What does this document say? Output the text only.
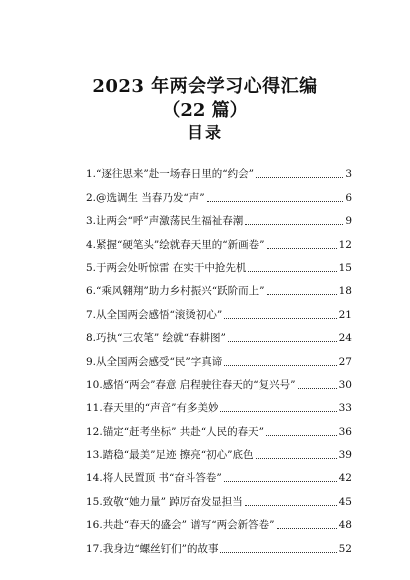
2023 年两会学习心得汇编
（22 篇）
目录
1. “逐往思来”赴一场春日里的“约会”	3
2. @选调生 当春乃发“声”	6
3. 让两会“呼”声激荡民生福祉春潮	9
4. 紧握“硬笔头”绘就春天里的“新画卷”	12
5. 于两会处听惊雷 在实干中抢先机	15
6. “乘风翱翔”助力乡村振兴“跃阶而上”	18
7. 从全国两会感悟“滚烫初心”	21
8. 巧执“三农笔” 绘就“春耕图”	24
9. 从全国两会感受“民”字真谛	27
10. 感悟“两会”春意 启程驶往春天的“复兴号”	30
11. 春天里的“声音”有多美妙	33
12. 锚定“赶考坐标” 共赴“人民的春天”	36
13. 踏稳“最美”足迹 擦亮“初心”底色	39
14. 将人民置顶 书“奋斗答卷”	42
15. 致敬“她力量” 踔厉奋发显担当	45
16. 共赴“春天的盛会” 谱写“两会新答卷”	48
17. 我身边“螺丝钉们”的故事	52
